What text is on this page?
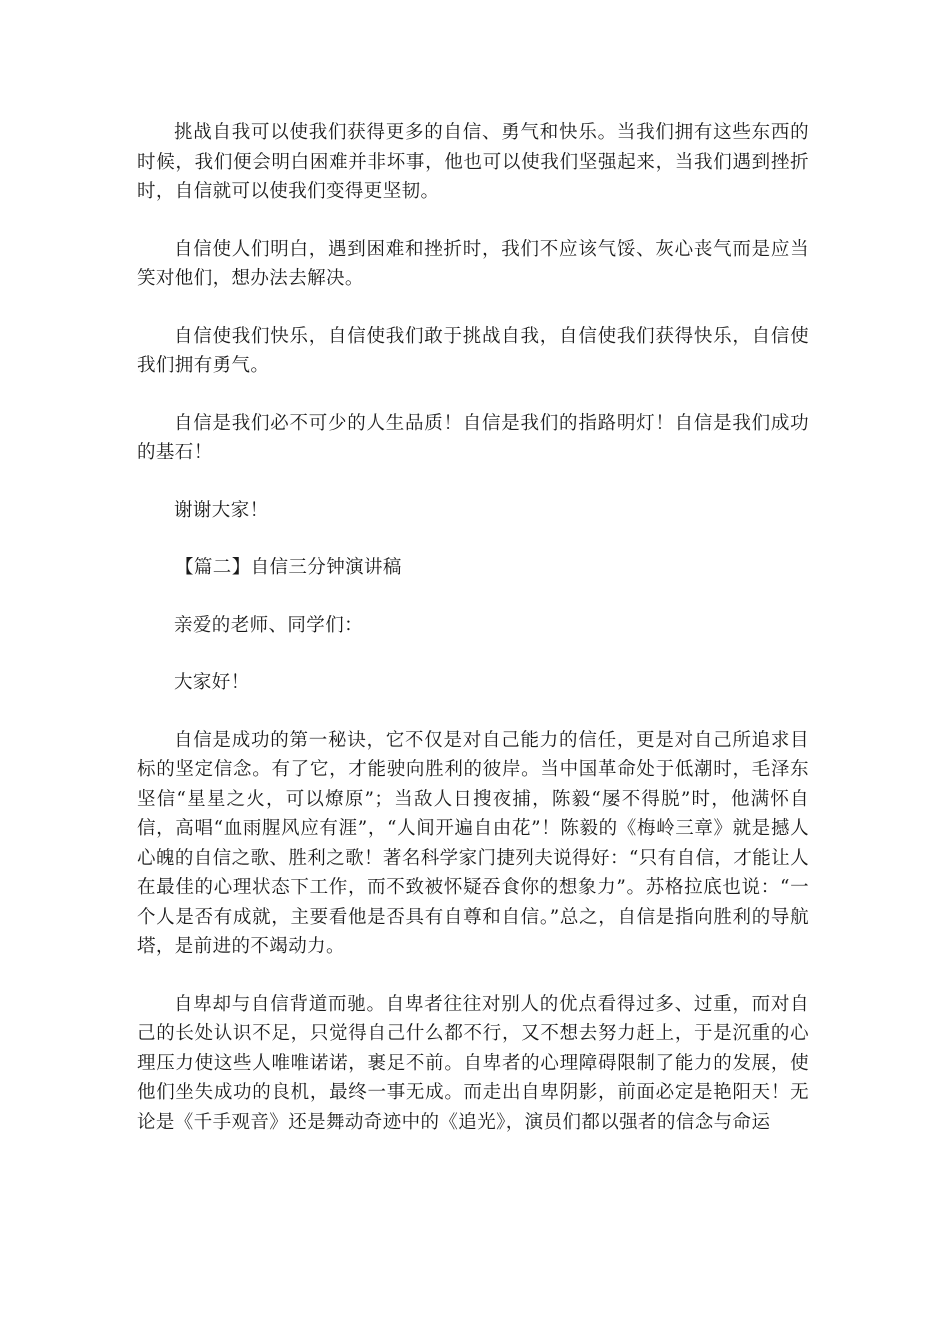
挑战自我可以使我们获得更多的自信、勇气和快乐。当我们拥有这些东西的时候，我们便会明白困难并非坏事，他也可以使我们坚强起来，当我们遇到挫折时，自信就可以使我们变得更坚韧。

自信使人们明白，遇到困难和挫折时，我们不应该气馁、灰心丧气而是应当笑对他们，想办法去解决。

自信使我们快乐，自信使我们敢于挑战自我，自信使我们获得快乐，自信使我们拥有勇气。

自信是我们必不可少的人生品质！自信是我们的指路明灯！自信是我们成功的基石！

谢谢大家！

【篇二】自信三分钟演讲稿

亲爱的老师、同学们：

大家好！

自信是成功的第一秘诀，它不仅是对自己能力的信任，更是对自己所追求目标的坚定信念。有了它，才能驶向胜利的彼岸。当中国革命处于低潮时，毛泽东坚信“星星之火，可以燎原”；当敌人日搜夜捕，陈毅“屡不得脱”时，他满怀自信，高唱“血雨腥风应有涯”，“人间开遍自由花”！陈毅的《梅岭三章》就是撼人心魄的自信之歌、胜利之歌！著名科学家门捷列夫说得好：“只有自信，才能让人在最佳的心理状态下工作，而不致被怀疑吞食你的想象力”。苏格拉底也说：“一个人是否有成就，主要看他是否具有自尊和自信。”总之，自信是指向胜利的导航塔，是前进的不竭动力。

自卑却与自信背道而驰。自卑者往往对别人的优点看得过多、过重，而对自己的长处认识不足，只觉得自己什么都不行，又不想去努力赶上，于是沉重的心理压力使这些人唯唯诺诺，裹足不前。自卑者的心理障碍限制了能力的发展，使他们坐失成功的良机，最终一事无成。而走出自卑阴影，前面必定是艳阳天！无论是《千手观音》还是舞动奇迹中的《追光》，演员们都以强者的信念与命运
